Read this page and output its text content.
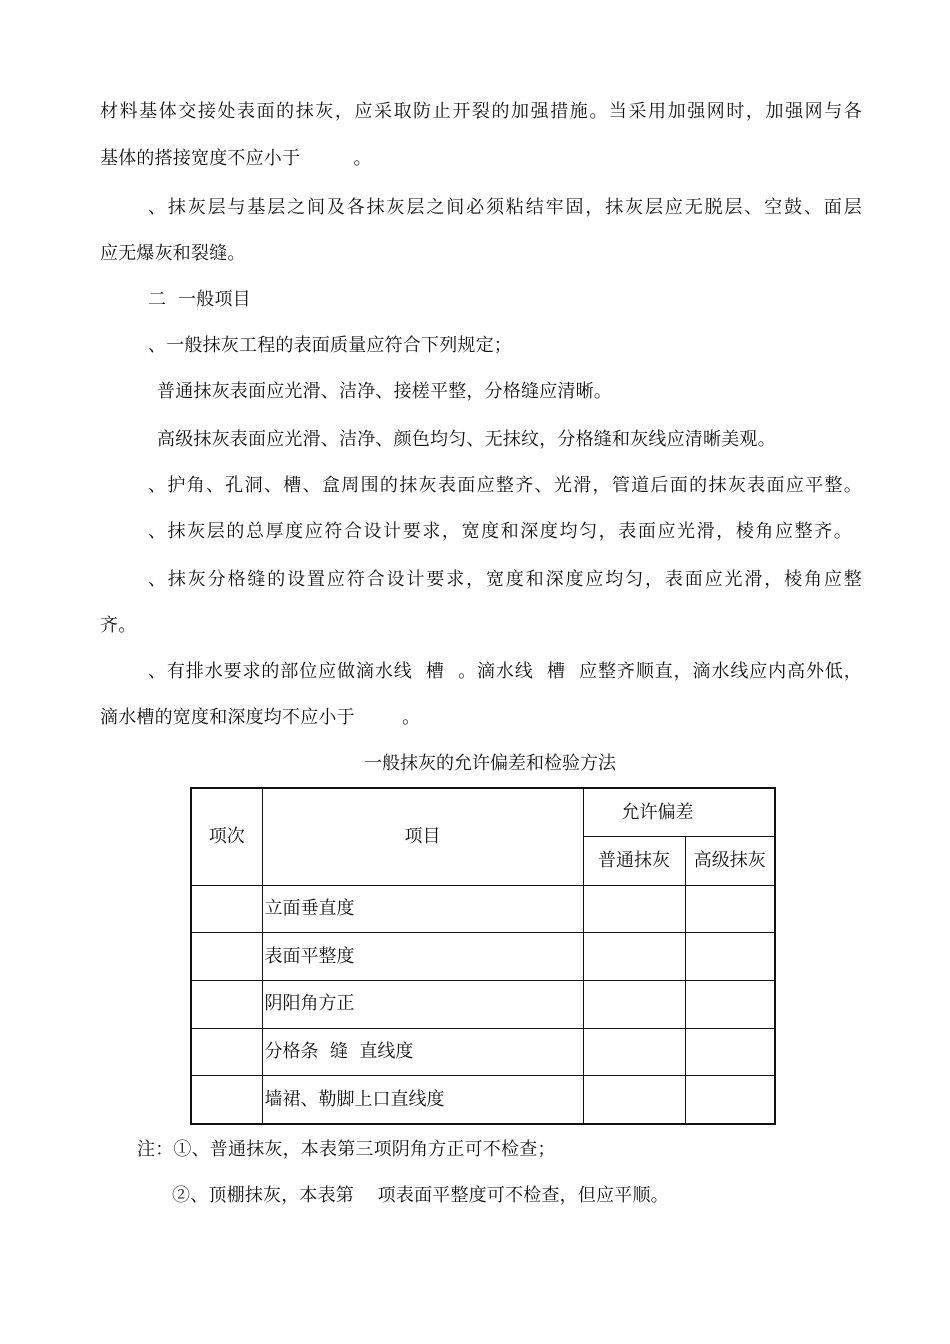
材料基体交接处表面的抹灰，应采取防止开裂的加强措施。当采用加强网时，加强网与各
基体的搭接宽度不应小于         。
、抹灰层与基层之间及各抹灰层之间必须粘结牢固，抹灰层应无脱层、空鼓、面层
应无爆灰和裂缝。
二  一般项目
、一般抹灰工程的表面质量应符合下列规定；
普通抹灰表面应光滑、洁净、接槎平整，分格缝应清晰。
高级抹灰表面应光滑、洁净、颜色均匀、无抹纹，分格缝和灰线应清晰美观。
、护角、孔洞、槽、盒周围的抹灰表面应整齐、光滑，管道后面的抹灰表面应平整。
、抹灰层的总厚度应符合设计要求，宽度和深度均匀，表面应光滑，棱角应整齐。
、抹灰分格缝的设置应符合设计要求，宽度和深度应均匀，表面应光滑，棱角应整
齐。
、有排水要求的部位应做滴水线  槽  。滴水线  槽  应整齐顺直，滴水线应内高外低，
滴水槽的宽度和深度均不应小于        。
一般抹灰的允许偏差和检验方法
项次	项目	允许偏差	
		普通抹灰	高级抹灰
	立面垂直度		
	表面平整度		
	阴阳角方正		
	分格条  缝  直线度		
	墙裙、勒脚上口直线度		
注：①、普通抹灰，本表第三项阴角方正可不检查；
②、顶棚抹灰，本表第    项表面平整度可不检查，但应平顺。
